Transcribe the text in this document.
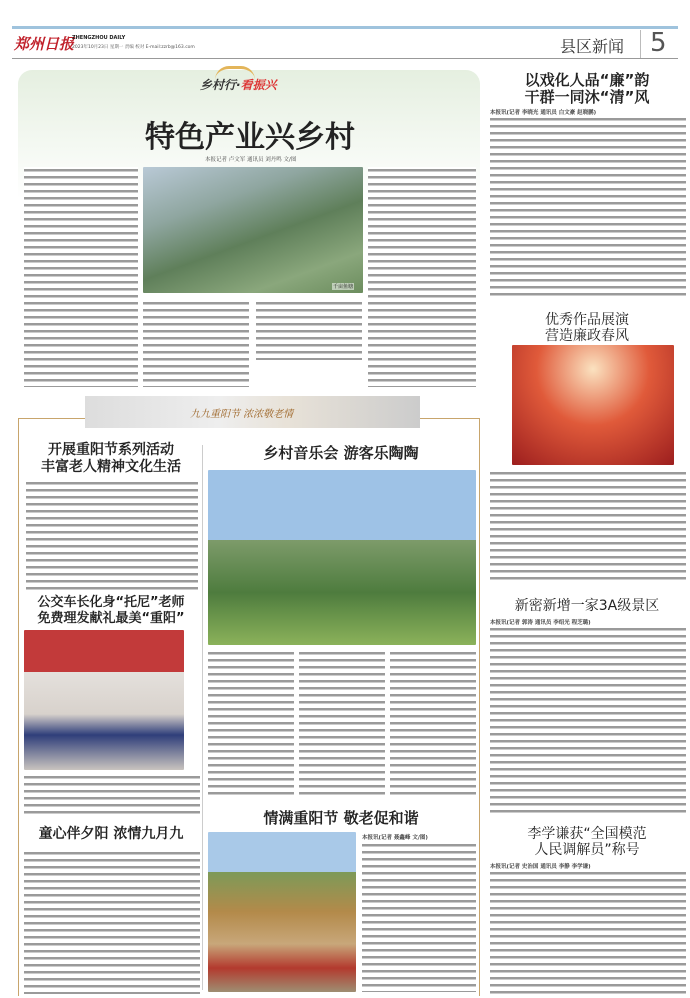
郑州日报
ZHENGZHOU DAILY
2023年10月23日 星期一 责编 校对 E-mail:zzrb@163.com	县区新闻 5
乡村行·看振兴
特色产业兴乡村
本报记者 卢文军 通讯员 刘丹鸣 文/图
千亩鱼塘
九九重阳节 浓浓敬老情
开展重阳节系列活动
丰富老人精神文化生活
公交车长化身“托尼”老师
免费理发献礼最美“重阳”
童心伴夕阳 浓情九月九
乡村音乐会 游客乐陶陶
情满重阳节 敬老促和谐
本报讯(记者 聂鑫峰 文/图)
以戏化人品“廉”韵
干群一同沐“清”风
本报讯(记者 李晓光 通讯员 白文豪 赵晓鹏)
优秀作品展演
营造廉政春风
新密新增一家3A级景区
本报讯(记者 郭涛 通讯员 李绍光 程芝璐)
李学谦获“全国模范
人民调解员”称号
本报讯(记者 史治国 通讯员 李静 李学谦)
